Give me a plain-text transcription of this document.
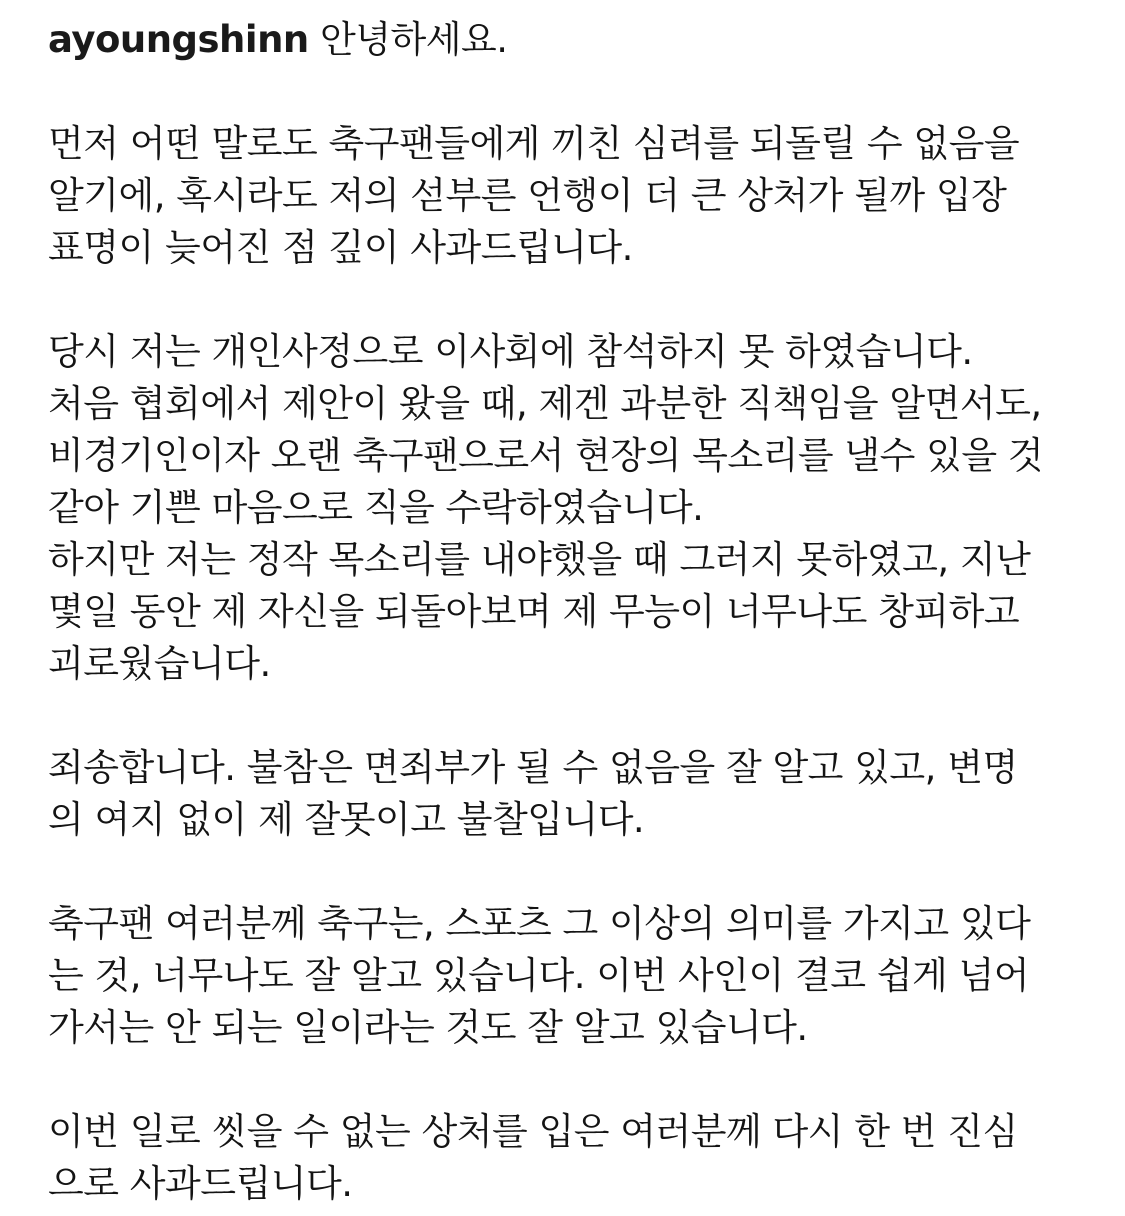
ayoungshinn 안녕하세요.
먼저 어떤 말로도 축구팬들에게 끼친 심려를 되돌릴 수 없음을
알기에, 혹시라도 저의 섣부른 언행이 더 큰 상처가 될까 입장
표명이 늦어진 점 깊이 사과드립니다.
당시 저는 개인사정으로 이사회에 참석하지 못 하였습니다.
처음 협회에서 제안이 왔을 때, 제겐 과분한 직책임을 알면서도,
비경기인이자 오랜 축구팬으로서 현장의 목소리를 낼수 있을 것
같아 기쁜 마음으로 직을 수락하였습니다.
하지만 저는 정작 목소리를 내야했을 때 그러지 못하였고, 지난
몇일 동안 제 자신을 되돌아보며 제 무능이 너무나도 창피하고
괴로웠습니다.
죄송합니다. 불참은 면죄부가 될 수 없음을 잘 알고 있고, 변명
의 여지 없이 제 잘못이고 불찰입니다.
축구팬 여러분께 축구는, 스포츠 그 이상의 의미를 가지고 있다
는 것, 너무나도 잘 알고 있습니다. 이번 사인이 결코 쉽게 넘어
가서는 안 되는 일이라는 것도 잘 알고 있습니다.
이번 일로 씻을 수 없는 상처를 입은 여러분께 다시 한 번 진심
으로 사과드립니다.
